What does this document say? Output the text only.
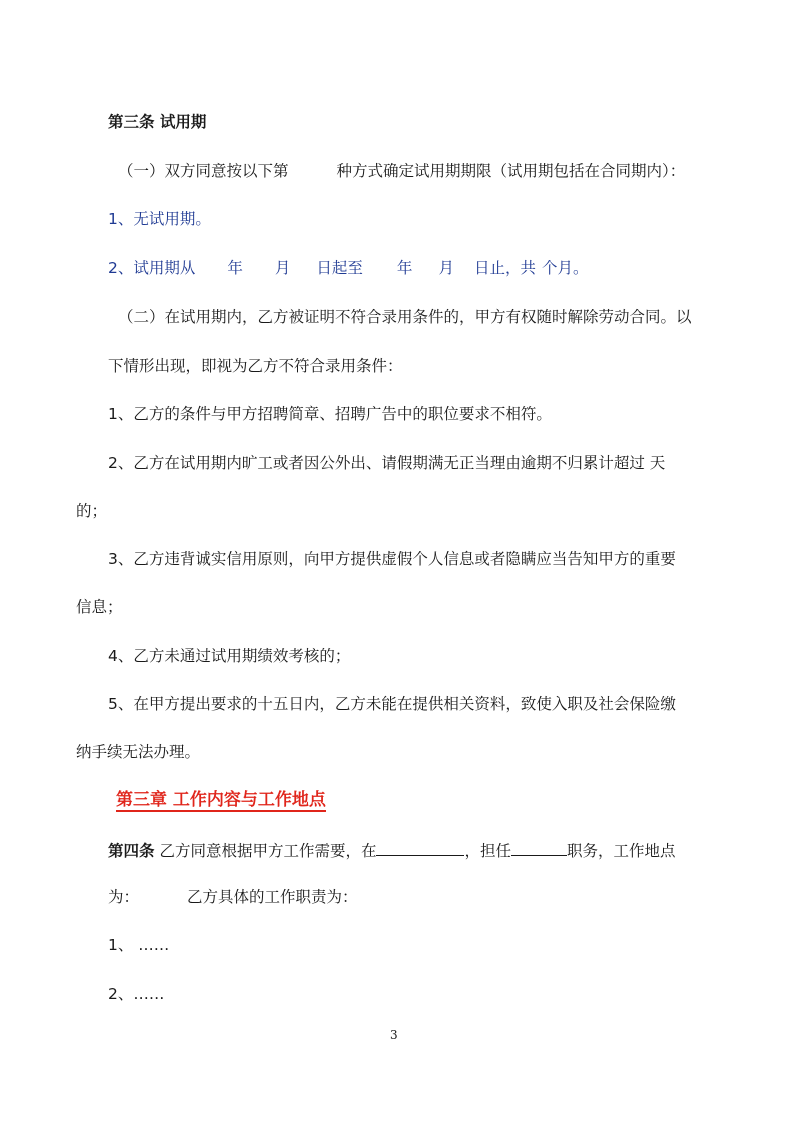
第三条 试用期
（一）双方同意按以下第	种方式确定试用期期限（试用期包括在合同期内）：
1、无试用期。
2、试用期从 年 月 日起至 年 月 日止，共 个月。
（二）在试用期内，乙方被证明不符合录用条件的，甲方有权随时解除劳动合同。以
下情形出现，即视为乙方不符合录用条件：
1、乙方的条件与甲方招聘简章、招聘广告中的职位要求不相符。
2、乙方在试用期内旷工或者因公外出、请假期满无正当理由逾期不归累计超过 天
的；
3、乙方违背诚实信用原则，向甲方提供虚假个人信息或者隐瞒应当告知甲方的重要
信息；
4、乙方未通过试用期绩效考核的；
5、在甲方提出要求的十五日内，乙方未能在提供相关资料，致使入职及社会保险缴
纳手续无法办理。
第三章 工作内容与工作地点
第四条 乙方同意根据甲方工作需要，在	，担任	职务，工作地点
为：	乙方具体的工作职责为：
1、 ……
2、……
3
